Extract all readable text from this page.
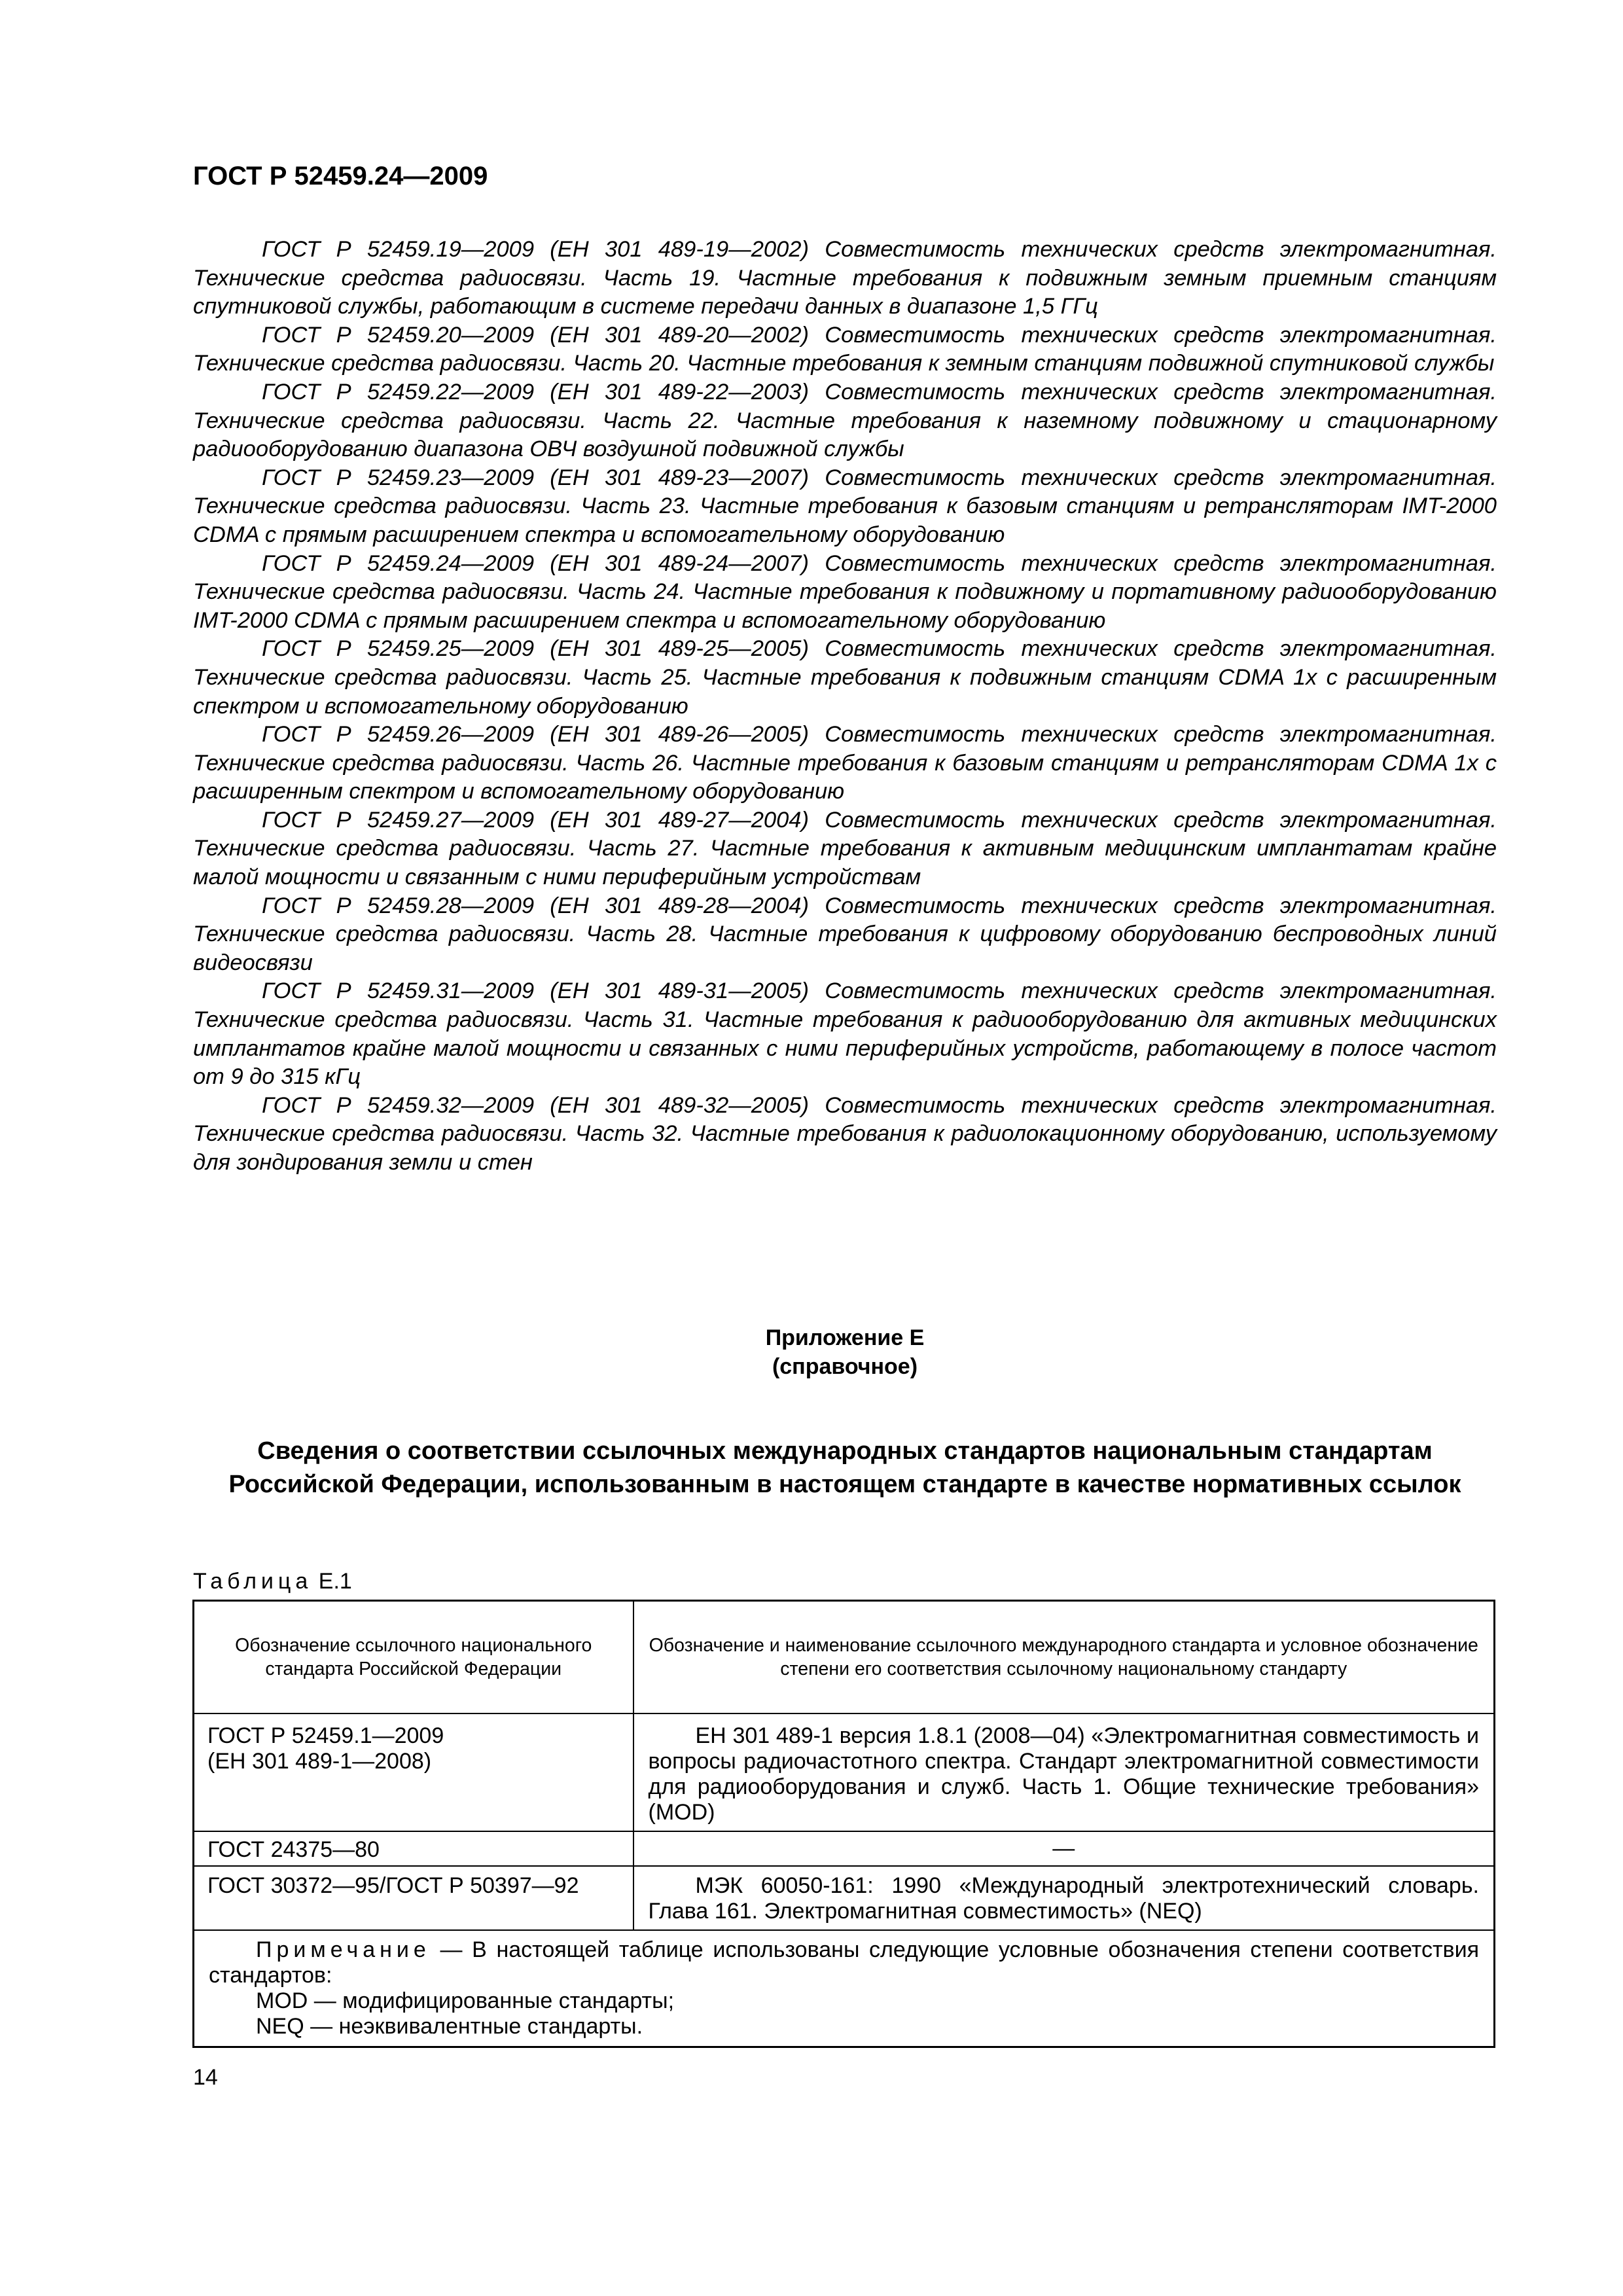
ГОСТ Р 52459.24—2009

ГОСТ Р 52459.19—2009 (ЕН 301 489-19—2002) Совместимость технических средств электромагнитная. Технические средства радиосвязи. Часть 19. Частные требования к подвижным земным приемным станциям спутниковой службы, работающим в системе передачи данных в диапазоне 1,5 ГГц

ГОСТ Р 52459.20—2009 (ЕН 301 489-20—2002) Совместимость технических средств электромагнитная. Технические средства радиосвязи. Часть 20. Частные требования к земным станциям подвижной спутниковой службы

ГОСТ Р 52459.22—2009 (ЕН 301 489-22—2003) Совместимость технических средств электромагнитная. Технические средства радиосвязи. Часть 22. Частные требования к наземному подвижному и стационарному радиооборудованию диапазона ОВЧ воздушной подвижной службы

ГОСТ Р 52459.23—2009 (ЕН 301 489-23—2007) Совместимость технических средств электромагнитная. Технические средства радиосвязи. Часть 23. Частные требования к базовым станциям и ретрансляторам IMT-2000 CDMA с прямым расширением спектра и вспомогательному оборудованию

ГОСТ Р 52459.24—2009 (ЕН 301 489-24—2007) Совместимость технических средств электромагнитная. Технические средства радиосвязи. Часть 24. Частные требования к подвижному и портативному радиооборудованию IMT-2000 CDMA с прямым расширением спектра и вспомогательному оборудованию

ГОСТ Р 52459.25—2009 (ЕН 301 489-25—2005) Совместимость технических средств электромагнитная. Технические средства радиосвязи. Часть 25. Частные требования к подвижным станциям CDMA 1x с расширенным спектром и вспомогательному оборудованию

ГОСТ Р 52459.26—2009 (ЕН 301 489-26—2005) Совместимость технических средств электромагнитная. Технические средства радиосвязи. Часть 26. Частные требования к базовым станциям и ретрансляторам CDMA 1x с расширенным спектром и вспомогательному оборудованию

ГОСТ Р 52459.27—2009 (ЕН 301 489-27—2004) Совместимость технических средств электромагнитная. Технические средства радиосвязи. Часть 27. Частные требования к активным медицинским имплантатам крайне малой мощности и связанным с ними периферийным устройствам

ГОСТ Р 52459.28—2009 (ЕН 301 489-28—2004) Совместимость технических средств электромагнитная. Технические средства радиосвязи. Часть 28. Частные требования к цифровому оборудованию беспроводных линий видеосвязи

ГОСТ Р 52459.31—2009 (ЕН 301 489-31—2005) Совместимость технических средств электромагнитная. Технические средства радиосвязи. Часть 31. Частные требования к радиооборудованию для активных медицинских имплантатов крайне малой мощности и связанных с ними периферийных устройств, работающему в полосе частот от 9 до 315 кГц

ГОСТ Р 52459.32—2009 (ЕН 301 489-32—2005) Совместимость технических средств электромагнитная. Технические средства радиосвязи. Часть 32. Частные требования к радиолокационному оборудованию, используемому для зондирования земли и стен

Приложение Е
(справочное)
Сведения о соответствии ссылочных международных стандартов национальным стандартам Российской Федерации, использованным в настоящем стандарте в качестве нормативных ссылок
Таблица Е.1
Обозначение ссылочного национального стандарта Российской Федерации	Обозначение и наименование ссылочного международного стандарта и условное обозначение степени его соответствия ссылочному национальному стандарту

ГОСТ Р 52459.1—2009
(ЕН 301 489-1—2008)	ЕН 301 489-1 версия 1.8.1 (2008—04) «Электромагнитная совместимость и вопросы радиочастотного спектра. Стандарт электромагнитной совместимости для радиооборудования и служб. Часть 1. Общие технические требования» (MOD)

ГОСТ 24375—80	—

ГОСТ 30372—95/ГОСТ Р 50397—92	МЭК 60050-161: 1990 «Международный электротехнический словарь. Глава 161. Электромагнитная совместимость» (NEQ)

Примечание — В настоящей таблице использованы следующие условные обозначения степени соответствия стандартов:
MOD — модифицированные стандарты;
NEQ — неэквивалентные стандарты.	
14
